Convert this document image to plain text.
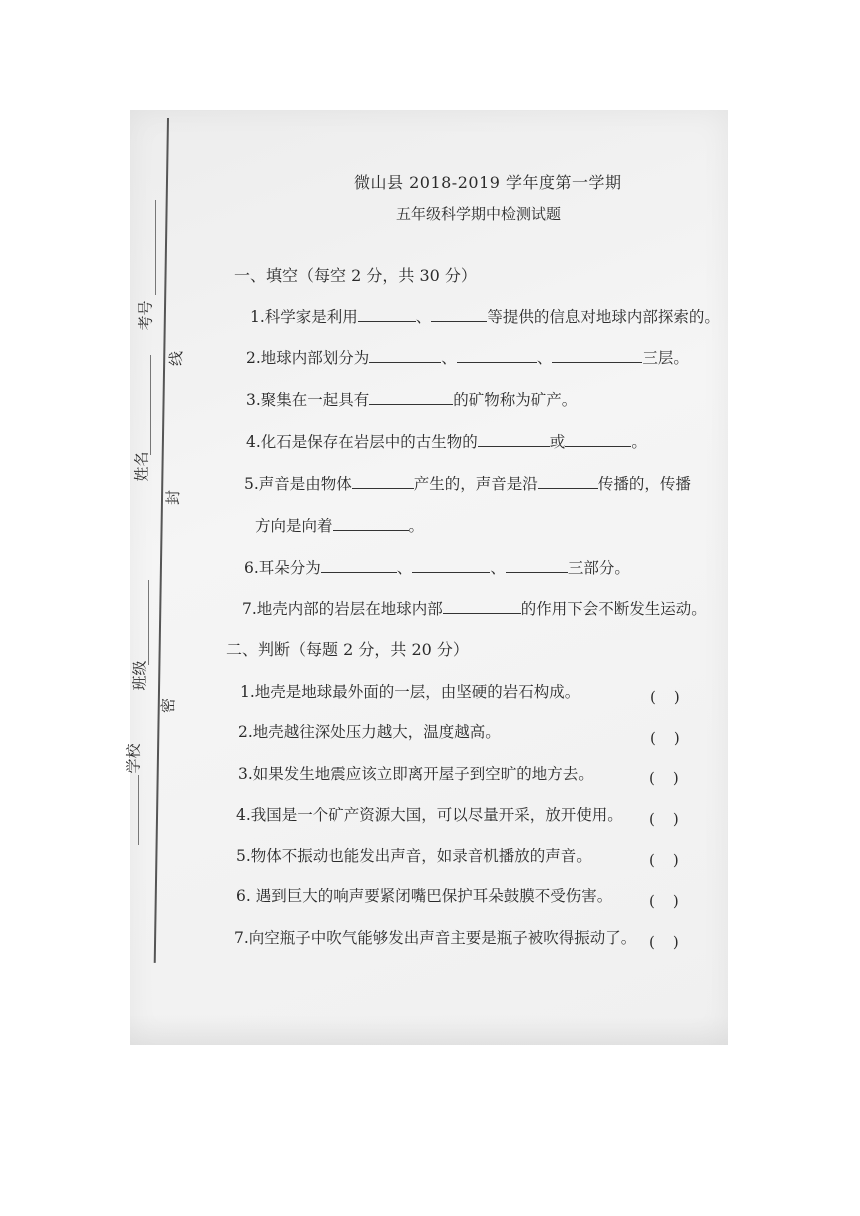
考号
线
姓名
封
班级
密
学校
微山县 2018-2019 学年度第一学期
五年级科学期中检测试题
一、填空（每空 2 分，共 30 分）
1.科学家是利用	、	等提供的信息对地球内部探索的。
2.地球内部划分为	、	、	三层。
3.聚集在一起具有	的矿物称为矿产。
4.化石是保存在岩层中的古生物的	或	。
5.声音是由物体	产生的，声音是沿	传播的，传播
方向是向着	。
6.耳朵分为	、	、	三部分。
7.地壳内部的岩层在地球内部	的作用下会不断发生运动。
二、判断（每题 2 分，共 20 分）
1.地壳是地球最外面的一层，由坚硬的岩石构成。	()
2.地壳越往深处压力越大，温度越高。	()
3.如果发生地震应该立即离开屋子到空旷的地方去。	()
4.我国是一个矿产资源大国，可以尽量开采，放开使用。 ()
5.物体不振动也能发出声音，如录音机播放的声音。	()
6. 遇到巨大的响声要紧闭嘴巴保护耳朵鼓膜不受伤害。 ()
7.向空瓶子中吹气能够发出声音主要是瓶子被吹得振动了。 ()
